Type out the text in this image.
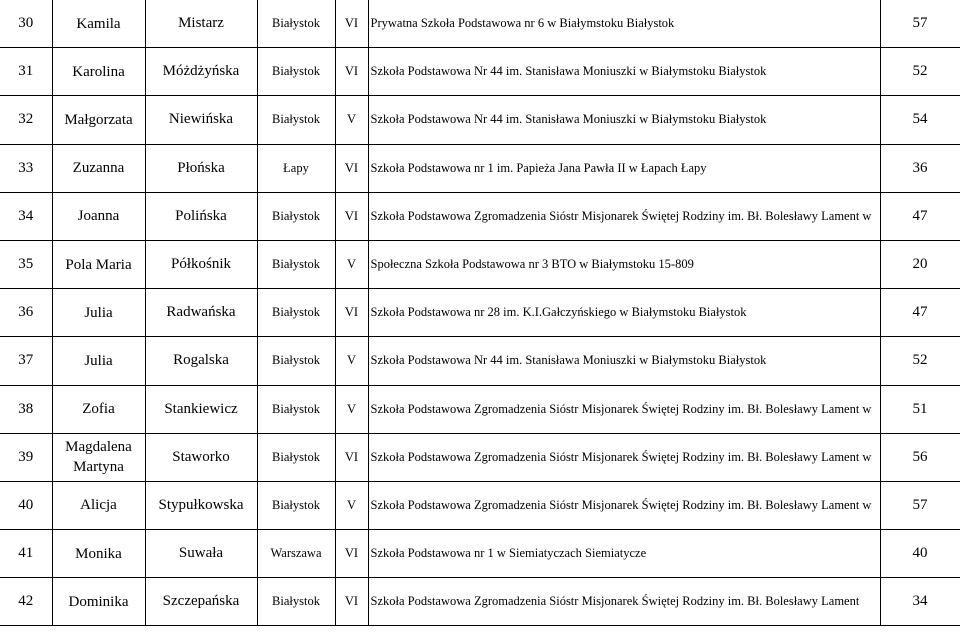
30	Kamila	Mistarz	Białystok	VI	Prywatna Szkoła Podstawowa nr 6 w Białymstoku Białystok	57
31	Karolina	Móżdżyńska	Białystok	VI	Szkoła Podstawowa Nr 44 im. Stanisława Moniuszki w Białymstoku Białystok	52
32	Małgorzata	Niewińska	Białystok	V	Szkoła Podstawowa Nr 44 im. Stanisława Moniuszki w Białymstoku Białystok	54
33	Zuzanna	Płońska	Łapy	VI	Szkoła Podstawowa nr 1 im. Papieża Jana Pawła II w Łapach Łapy	36
34	Joanna	Polińska	Białystok	VI	Szkoła Podstawowa Zgromadzenia Sióstr Misjonarek Świętej Rodziny im. Bł. Bolesławy Lament w	47
35	Pola Maria	Półkośnik	Białystok	V	Społeczna Szkoła Podstawowa nr 3 BTO w Białymstoku 15-809	20
36	Julia	Radwańska	Białystok	VI	Szkoła Podstawowa nr 28 im. K.I.Gałczyńskiego w Białymstoku Białystok	47
37	Julia	Rogalska	Białystok	V	Szkoła Podstawowa Nr 44 im. Stanisława Moniuszki w Białymstoku Białystok	52
38	Zofia	Stankiewicz	Białystok	V	Szkoła Podstawowa Zgromadzenia Sióstr Misjonarek Świętej Rodziny im. Bł. Bolesławy Lament w	51
39	Magdalena Martyna	Staworko	Białystok	VI	Szkoła Podstawowa Zgromadzenia Sióstr Misjonarek Świętej Rodziny im. Bł. Bolesławy Lament w	56
40	Alicja	Stypułkowska	Białystok	V	Szkoła Podstawowa Zgromadzenia Sióstr Misjonarek Świętej Rodziny im. Bł. Bolesławy Lament w	57
41	Monika	Suwała	Warszawa	VI	Szkoła Podstawowa nr 1 w Siemiatyczach Siemiatycze	40
42	Dominika	Szczepańska	Białystok	VI	Szkoła Podstawowa Zgromadzenia Sióstr Misjonarek Świętej Rodziny im. Bł. Bolesławy Lament	34
